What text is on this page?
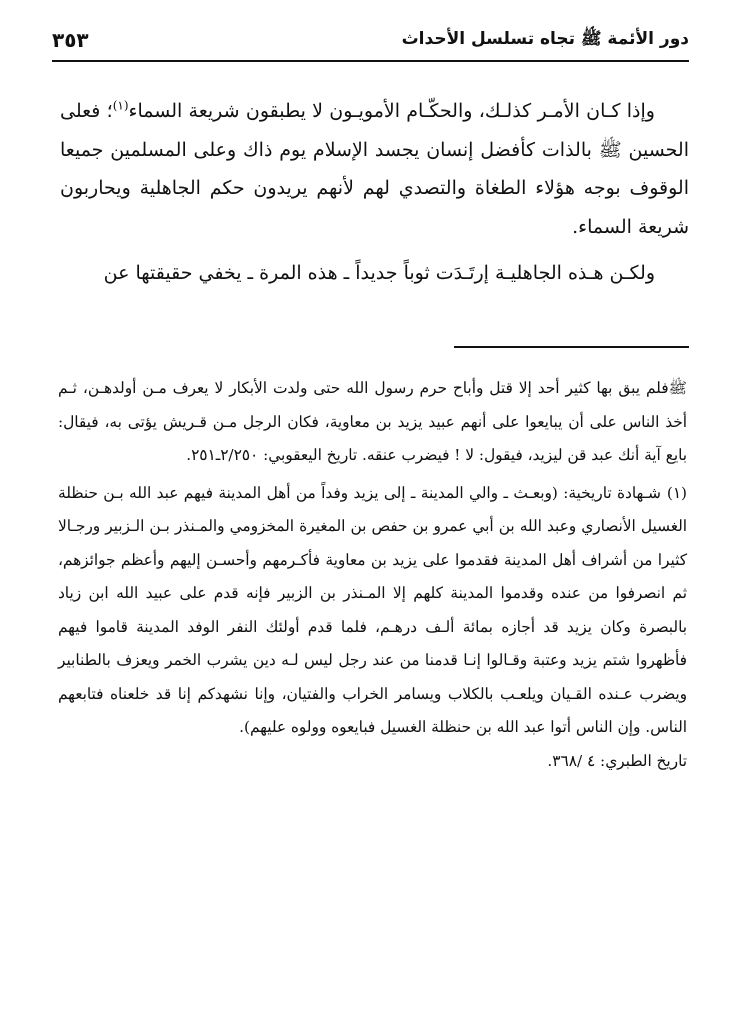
دور الأئمة ﷺ تجاه تسلسل الأحداث
٣٥٣

وإذا كـان الأمـر كذلـك، والحكّـام الأمويـون لا يطبقون شريعة السماء$^{(١)}$؛ فعلى الحسين ﷺ بالذات كأفضل إنسان يجسد الإسلام يوم ذاك وعلى المسلمين جميعا الوقوف بوجه هؤلاء الطغاة والتصدي لهم لأنهم يريدون حكم الجاهلية ويحاربون شريعة السماء.

ولكـن هـذه الجاهليـة إرتَـدَت ثوباً جديداً ـ هذه المرة ـ يخفي حقيقتها عن

ﷺفلم يبق بها كثير أحد إلا قتل وأباح حرم رسول الله حتى ولدت الأبكار لا يعرف مـن أولدهـن، ثـم أخذ الناس على أن يبايعوا على أنهم عبيد يزيد بن معاوية، فكان الرجل مـن قـريش يؤتى به، فيقال: بايع آية أنك عبد قن ليزيد، فيقول: لا ! فيضرب عنقه. تاريخ اليعقوبي: ٢/٢٥٠ـ٢٥١.

(١)شـهادة تاريخية: (وبعـث ـ والي المدينة ـ إلى يزيد وفداً من أهل المدينة فيهم عبد الله بـن حنظلة الغسيل الأنصاري وعبد الله بن أبي عمرو بن حفص بن المغيرة المخزومي والمـنذر بـن الـزبير ورجـالا كثيرا من أشراف أهل المدينة فقدموا على يزيد بن معاوية فأكـرمهم وأحسـن إليهم وأعظم جوائزهم، ثم انصرفوا من عنده وقدموا المدينة كلهم إلا المـنذر بن الزبير فإنه قدم على عبيد الله ابن زياد بالبصرة وكان يزيد قد أجازه بمائة ألـف درهـم، فلما قدم أولئك النفر الوفد المدينة قاموا فيهم فأظهروا شتم يزيد وعتبة وقـالوا إنـا قدمنا من عند رجل ليس لـه دين يشرب الخمر ويعزف بالطنابير ويضرب عـنده القـيان ويلعـب بالكلاب ويسامر الخراب والفتيان، وإنا نشهدكم إنا قد خلعناه فتابعهم الناس. وإن الناس أتوا عبد الله بن حنظلة الغسيل فبايعوه وولوه عليهم).

تاريخ الطبري: ٤ /٣٦٨.
